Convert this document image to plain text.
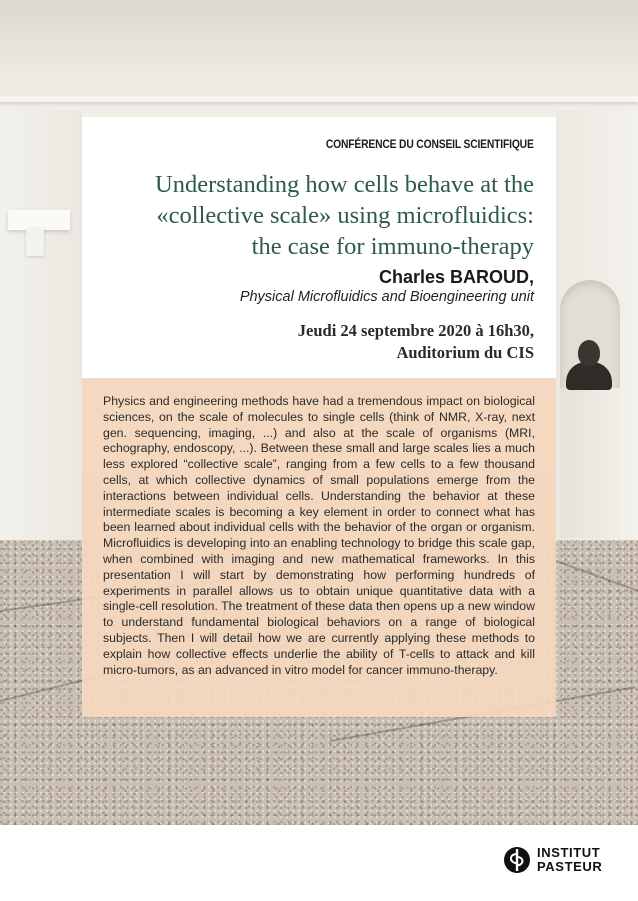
CONFÉRENCE DU CONSEIL SCIENTIFIQUE
Understanding how cells behave at the
«collective scale» using microfluidics:
the case for immuno-therapy
Charles BAROUD,
Physical Microfluidics and Bioengineering unit
Jeudi 24 septembre 2020 à 16h30,
Auditorium du CIS
Physics and engineering methods have had a tremendous impact on biological sciences, on the scale of molecules to single cells (think of NMR, X-ray, next gen. sequencing, imaging, ...) and also at the scale of organisms (MRI, echography, endoscopy, ...). Between these small and large scales lies a much less explored “collective scale”, ranging from a few cells to a few thousand cells, at which collective dynamics of small populations emerge from the interactions between individual cells. Understanding the behavior at these intermediate scales is becoming a key element in order to connect what has been learned about individual cells with the behavior of the organ or organism. Microfluidics is developing into an enabling technology to bridge this scale gap, when combined with imaging and new mathematical frameworks. In this presentation I will start by demonstrating how performing hundreds of experiments in parallel allows us to obtain unique quantitative data with a single-cell resolution. The treatment of these data then opens up a new window to understand fundamental biological behaviors on a range of biological subjects. Then I will detail how we are currently applying these methods to explain how collective effects underlie the ability of T-cells to attack and kill micro-tumors, as an advanced in vitro model for cancer immuno-therapy.
INSTITUT
PASTEUR
